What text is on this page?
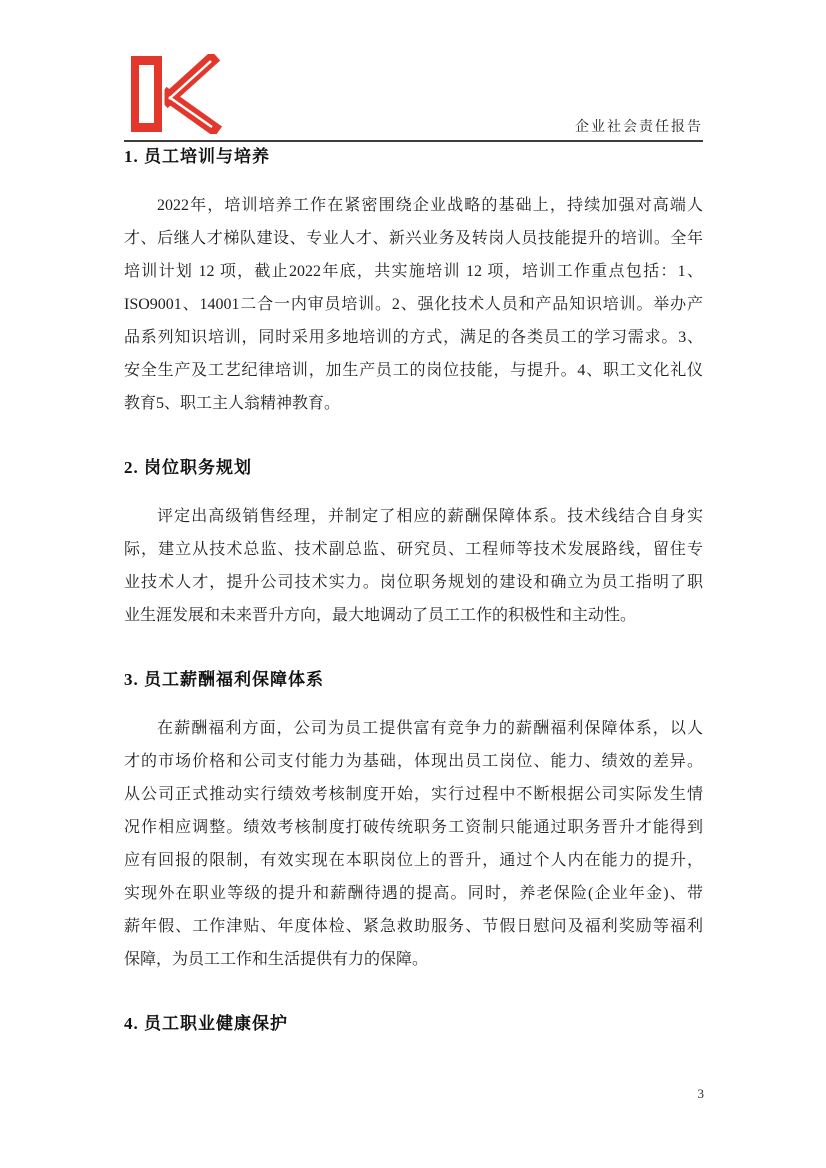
企业社会责任报告
1. 员工培训与培养
2022年，培训培养工作在紧密围绕企业战略的基础上，持续加强对高端人
才、后继人才梯队建设、专业人才、新兴业务及转岗人员技能提升的培训。全年
培训计划 12 项，截止2022年底，共实施培训 12 项，培训工作重点包括：1、
ISO9001、14001二合一内审员培训。2、强化技术人员和产品知识培训。举办产
品系列知识培训，同时采用多地培训的方式，满足的各类员工的学习需求。3、
安全生产及工艺纪律培训，加生产员工的岗位技能，与提升。4、职工文化礼仪
教育5、职工主人翁精神教育。
2. 岗位职务规划
评定出高级销售经理，并制定了相应的薪酬保障体系。技术线结合自身实
际，建立从技术总监、技术副总监、研究员、工程师等技术发展路线，留住专
业技术人才，提升公司技术实力。岗位职务规划的建设和确立为员工指明了职
业生涯发展和未来晋升方向，最大地调动了员工工作的积极性和主动性。
3. 员工薪酬福利保障体系
在薪酬福利方面，公司为员工提供富有竞争力的薪酬福利保障体系，以人
才的市场价格和公司支付能力为基础，体现出员工岗位、能力、绩效的差异。
从公司正式推动实行绩效考核制度开始，实行过程中不断根据公司实际发生情
况作相应调整。绩效考核制度打破传统职务工资制只能通过职务晋升才能得到
应有回报的限制，有效实现在本职岗位上的晋升，通过个人内在能力的提升，
实现外在职业等级的提升和薪酬待遇的提高。同时，养老保险(企业年金)、带
薪年假、工作津贴、年度体检、紧急救助服务、节假日慰问及福利奖励等福利
保障，为员工工作和生活提供有力的保障。
4. 员工职业健康保护
3
